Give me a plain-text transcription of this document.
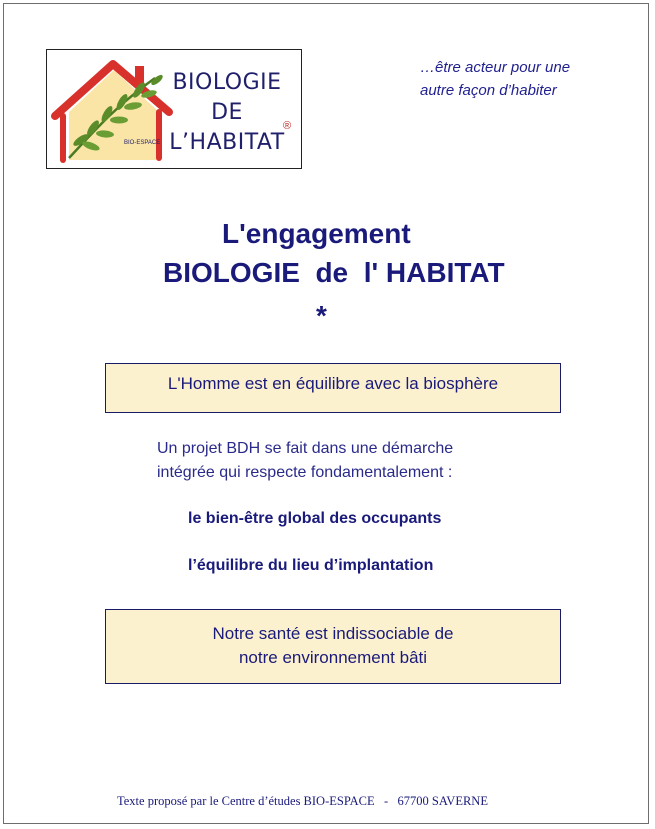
BIO-ESPACE
BIOLOGIE
DE
L’HABITAT
®
…être acteur pour une
autre façon d’habiter
L'engagement
BIOLOGIE  de  l' HABITAT
*
L'Homme est en équilibre avec la biosphère
Un projet BDH se fait dans une démarche
intégrée qui respecte fondamentalement :
le bien-être global des occupants
l’équilibre du lieu d’implantation
Notre santé est indissociable de
notre environnement bâti
Texte proposé par le Centre d’études BIO-ESPACE   -   67700 SAVERNE
